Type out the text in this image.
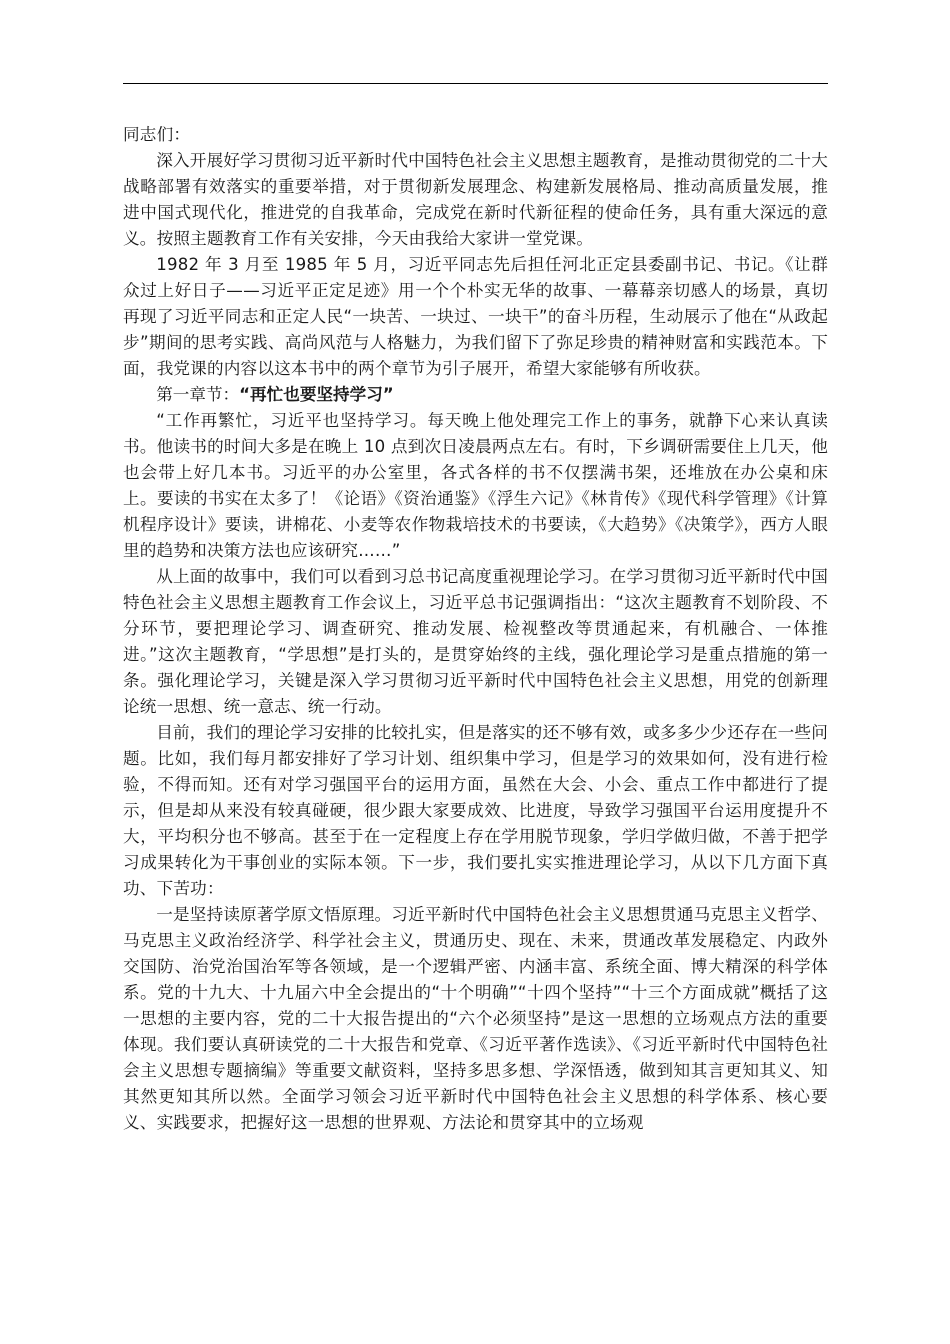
同志们：

深入开展好学习贯彻习近平新时代中国特色社会主义思想主题教育，是推动贯彻党的二十大战略部署有效落实的重要举措，对于贯彻新发展理念、构建新发展格局、推动高质量发展，推进中国式现代化，推进党的自我革命，完成党在新时代新征程的使命任务，具有重大深远的意义。按照主题教育工作有关安排，今天由我给大家讲一堂党课。

1982 年 3 月至 1985 年 5 月，习近平同志先后担任河北正定县委副书记、书记。《让群众过上好日子——习近平正定足迹》用一个个朴实无华的故事、一幕幕亲切感人的场景，真切再现了习近平同志和正定人民“一块苦、一块过、一块干”的奋斗历程，生动展示了他在“从政起步”期间的思考实践、高尚风范与人格魅力，为我们留下了弥足珍贵的精神财富和实践范本。下面，我党课的内容以这本书中的两个章节为引子展开，希望大家能够有所收获。

第一章节：“再忙也要坚持学习”

“工作再繁忙，习近平也坚持学习。每天晚上他处理完工作上的事务，就静下心来认真读书。他读书的时间大多是在晚上 10 点到次日凌晨两点左右。有时，下乡调研需要住上几天，他也会带上好几本书。习近平的办公室里，各式各样的书不仅摆满书架，还堆放在办公桌和床上。要读的书实在太多了！《论语》《资治通鉴》《浮生六记》《林肯传》《现代科学管理》《计算机程序设计》要读，讲棉花、小麦等农作物栽培技术的书要读，《大趋势》《决策学》，西方人眼里的趋势和决策方法也应该研究……”

从上面的故事中，我们可以看到习总书记高度重视理论学习。在学习贯彻习近平新时代中国特色社会主义思想主题教育工作会议上，习近平总书记强调指出：“这次主题教育不划阶段、不分环节，要把理论学习、调查研究、推动发展、检视整改等贯通起来，有机融合、一体推进。”这次主题教育，“学思想”是打头的，是贯穿始终的主线，强化理论学习是重点措施的第一条。强化理论学习，关键是深入学习贯彻习近平新时代中国特色社会主义思想，用党的创新理论统一思想、统一意志、统一行动。

目前，我们的理论学习安排的比较扎实，但是落实的还不够有效，或多多少少还存在一些问题。比如，我们每月都安排好了学习计划、组织集中学习，但是学习的效果如何，没有进行检验，不得而知。还有对学习强国平台的运用方面，虽然在大会、小会、重点工作中都进行了提示，但是却从来没有较真碰硬，很少跟大家要成效、比进度，导致学习强国平台运用度提升不大，平均积分也不够高。甚至于在一定程度上存在学用脱节现象，学归学做归做，不善于把学习成果转化为干事创业的实际本领。下一步，我们要扎实实推进理论学习，从以下几方面下真功、下苦功：

一是坚持读原著学原文悟原理。习近平新时代中国特色社会主义思想贯通马克思主义哲学、马克思主义政治经济学、科学社会主义，贯通历史、现在、未来，贯通改革发展稳定、内政外交国防、治党治国治军等各领域，是一个逻辑严密、内涵丰富、系统全面、博大精深的科学体系。党的十九大、十九届六中全会提出的“十个明确”“十四个坚持”“十三个方面成就”概括了这一思想的主要内容，党的二十大报告提出的“六个必须坚持”是这一思想的立场观点方法的重要体现。我们要认真研读党的二十大报告和党章、《习近平著作选读》、《习近平新时代中国特色社会主义思想专题摘编》等重要文献资料，坚持多思多想、学深悟透，做到知其言更知其义、知其然更知其所以然。全面学习领会习近平新时代中国特色社会主义思想的科学体系、核心要义、实践要求，把握好这一思想的世界观、方法论和贯穿其中的立场观
